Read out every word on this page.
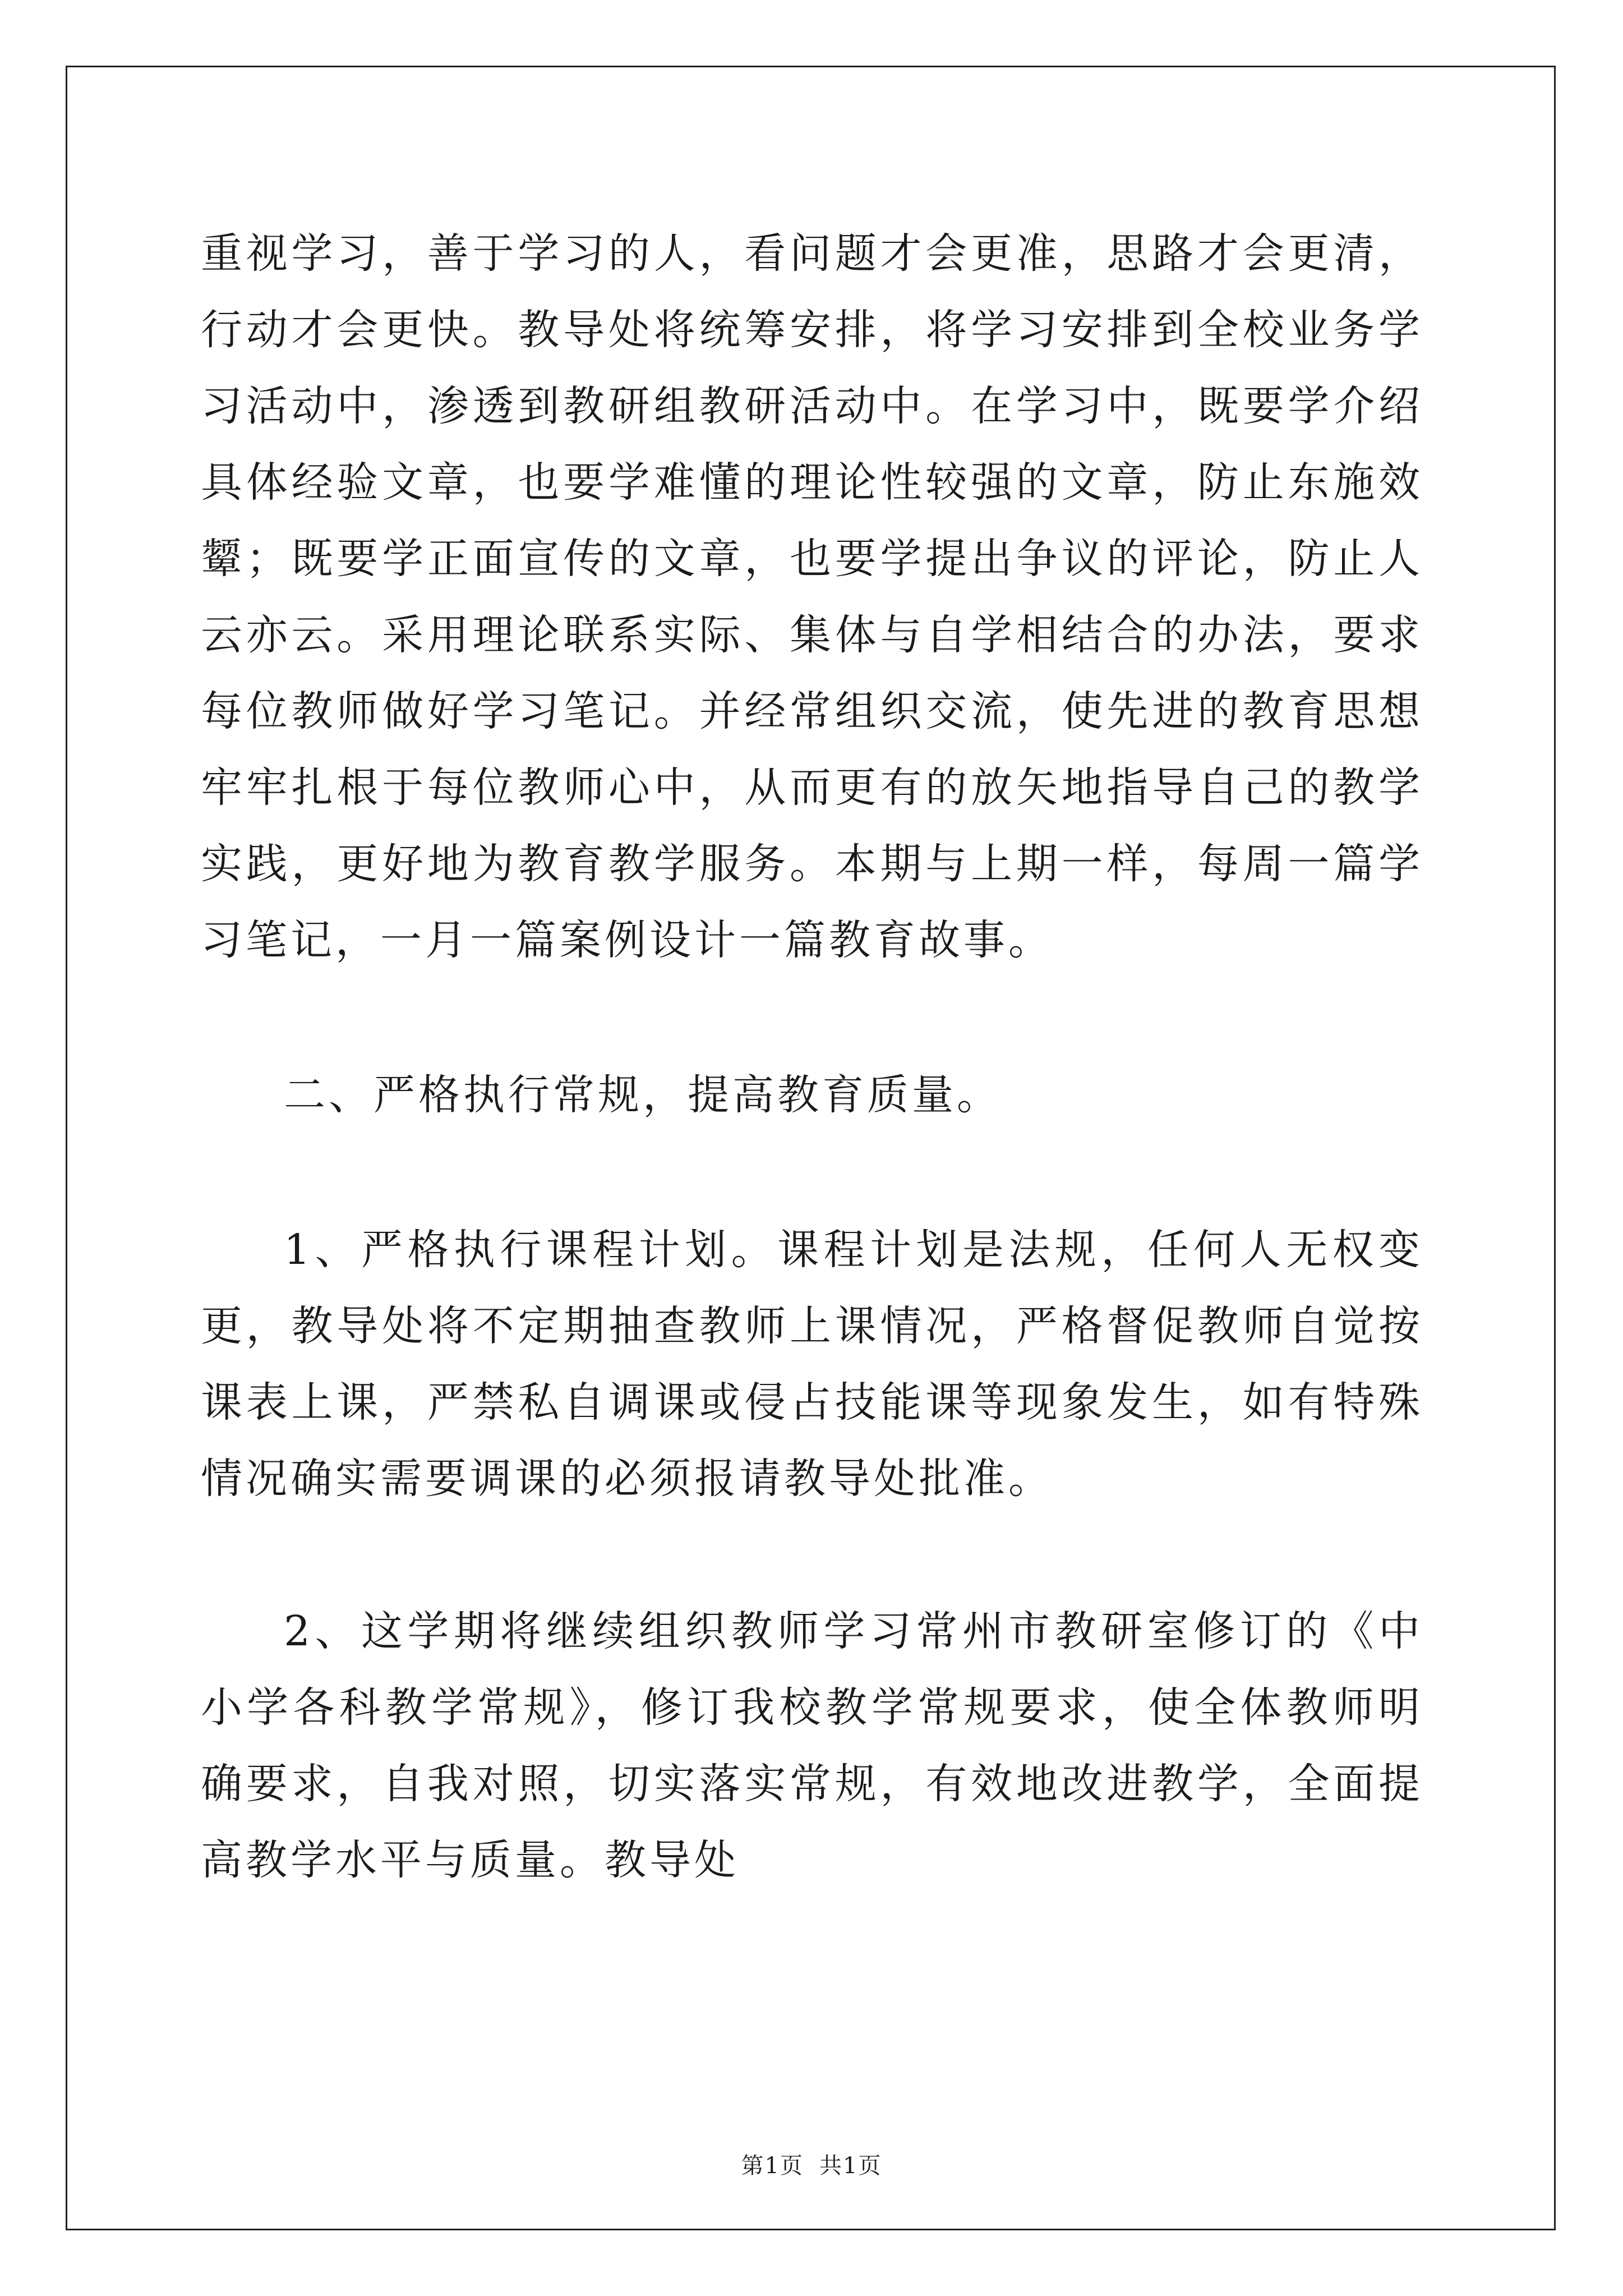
重视学习，善于学习的人，看问题才会更准，思路才会更清，行动才会更快。教导处将统筹安排，将学习安排到全校业务学习活动中，渗透到教研组教研活动中。在学习中，既要学介绍具体经验文章，也要学难懂的理论性较强的文章，防止东施效颦；既要学正面宣传的文章，也要学提出争议的评论，防止人云亦云。采用理论联系实际、集体与自学相结合的办法，要求每位教师做好学习笔记。并经常组织交流，使先进的教育思想牢牢扎根于每位教师心中，从而更有的放矢地指导自己的教学实践，更好地为教育教学服务。本期与上期一样，每周一篇学习笔记，一月一篇案例设计一篇教育故事。

二、严格执行常规，提高教育质量。

1、严格执行课程计划。课程计划是法规，任何人无权变更，教导处将不定期抽查教师上课情况，严格督促教师自觉按课表上课，严禁私自调课或侵占技能课等现象发生，如有特殊情况确实需要调课的必须报请教导处批准。

2、这学期将继续组织教师学习常州市教研室修订的《中小学各科教学常规》，修订我校教学常规要求，使全体教师明确要求，自我对照，切实落实常规，有效地改进教学，全面提高教学水平与质量。教导处

第1页 共1页
